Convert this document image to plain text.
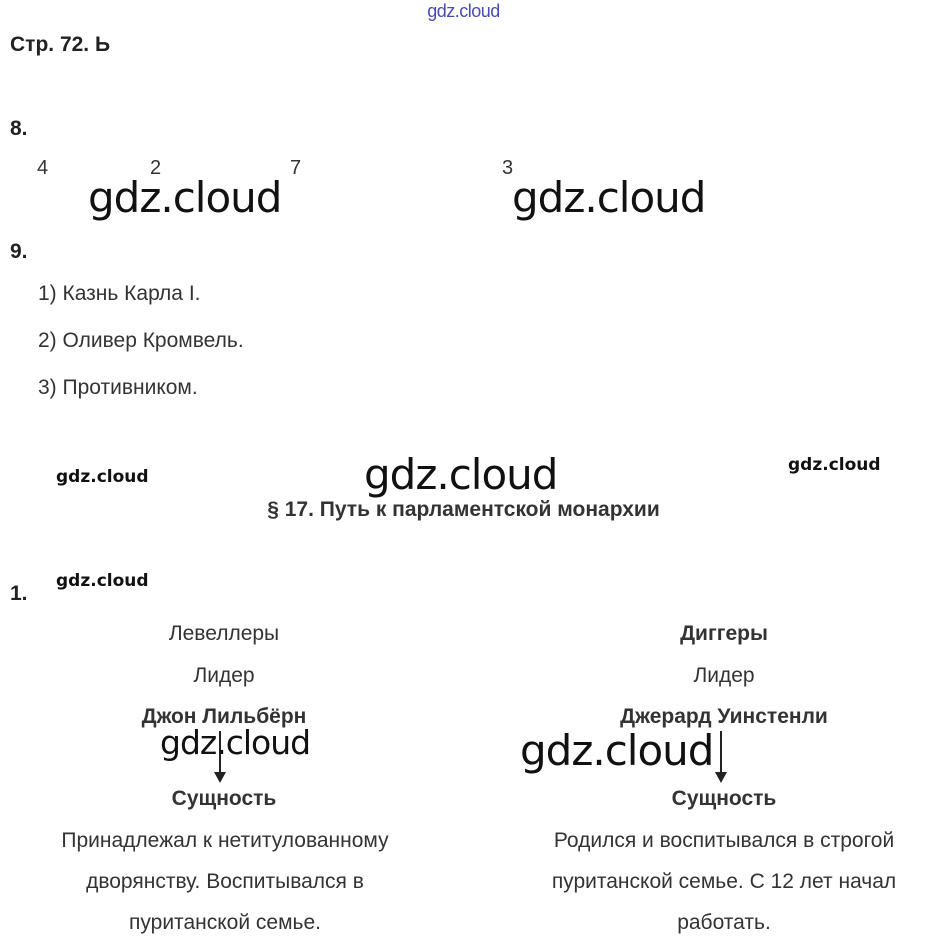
gdz.cloud
Стр. 72. Ь
8.
4	2	7	3
gdz.cloud	gdz.cloud
9.
1) Казнь Карла I.
2) Оливер Кромвель.
3) Противником.
gdz.cloud	gdz.cloud	gdz.cloud
§ 17. Путь к парламентской монархии
gdz.cloud
1.
Левеллеры
Лидер
Джон Лильбёрн
gdz.cloud
Сущность
Принадлежал к нетитулованному дворянству. Воспитывался в пуританской семье.
Диггеры
Лидер
Джерард Уинстенли
gdz.cloud
Сущность
Родился и воспитывался в строгой пуританской семье. С 12 лет начал работать.
